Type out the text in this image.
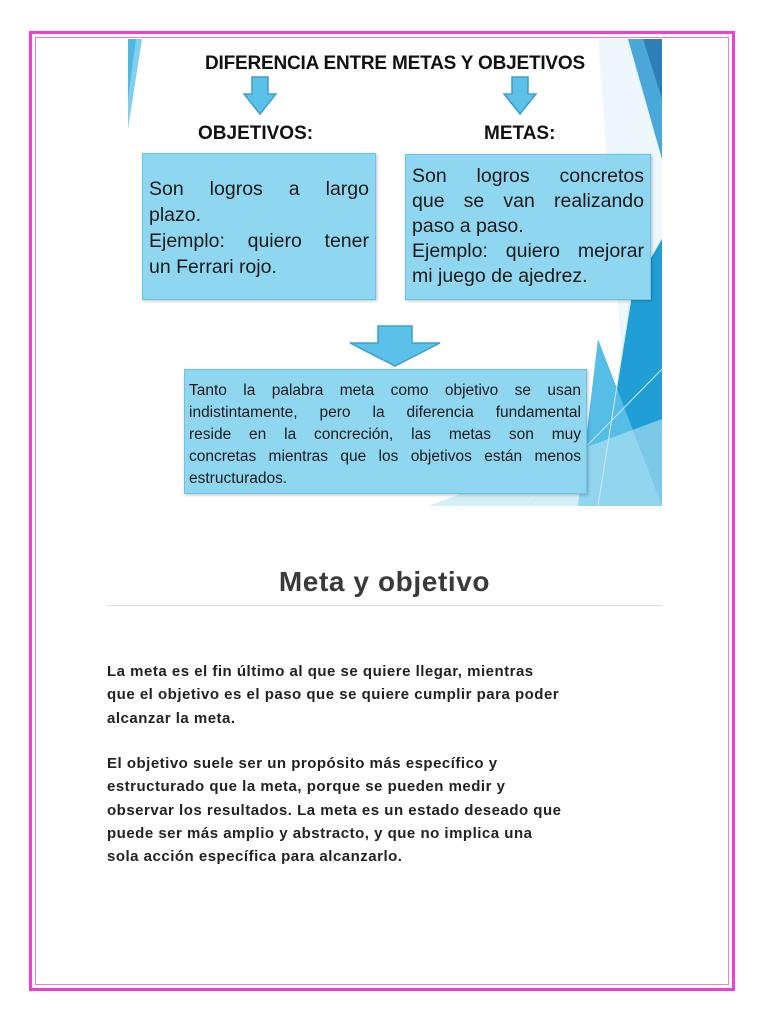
DIFERENCIA ENTRE METAS Y OBJETIVOS
OBJETIVOS:	METAS:
Son logros a largo
plazo.
Ejemplo: quiero tener
un Ferrari rojo.
Son logros concretos
que se van realizando
paso a paso.
Ejemplo: quiero mejorar
mi juego de ajedrez.
Tanto la palabra meta como objetivo se usan
indistintamente, pero la diferencia fundamental
reside en la concreción, las metas son muy
concretas mientras que los objetivos están menos
estructurados.
Meta y objetivo
La meta es el fin último al que se quiere llegar, mientras
que el objetivo es el paso que se quiere cumplir para poder
alcanzar la meta.
El objetivo suele ser un propósito más específico y
estructurado que la meta, porque se pueden medir y
observar los resultados. La meta es un estado deseado que
puede ser más amplio y abstracto, y que no implica una
sola acción específica para alcanzarlo.
